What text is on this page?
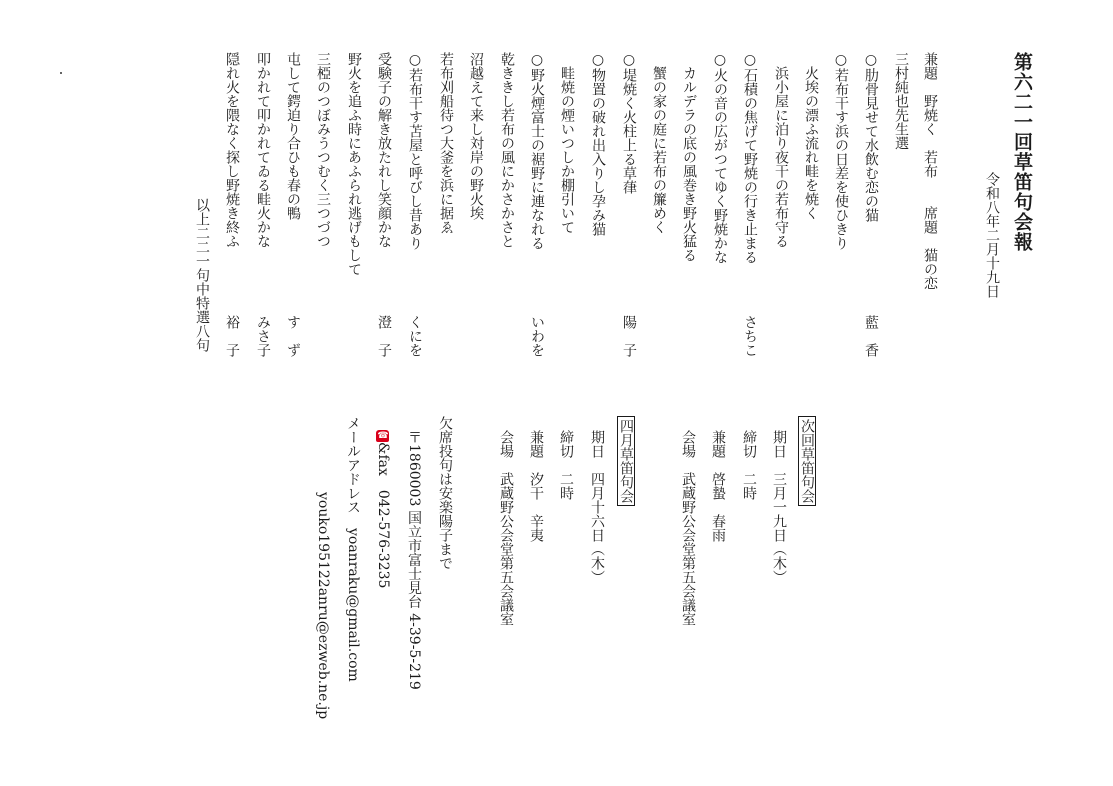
第六二一回草笛句会報
令和八年二月十九日
兼題　野焼く　若布　　席題　猫の恋
三村純也先生選
○肋骨見せて水飲む恋の猫
藍　香
○若布干す浜の日差を使ひきり
火埃の漂ふ流れ畦を焼く
浜小屋に泊り夜干の若布守る
○石積の焦げて野焼の行き止まる
さちこ
○火の音の広がつてゆく野焼かな
カルデラの底の風巻き野火猛る
蟹の家の庭に若布の簾めく
○堤焼く火柱上る草葎
陽　子
○物置の破れ出入りし孕み猫
畦焼の煙いつしか棚引いて
○野火煙富士の裾野に連なれる
いわを
乾ききし若布の風にかさかさと
沼越えて来し対岸の野火埃
若布刈船待つ大釜を浜に据ゑ
○若布干す苫屋と呼びし昔あり
くにを
受験子の解き放たれし笑顔かな
澄　子
野火を追ふ時にあふられ逃げもして
三椏のつぼみうつむく三つづつ
屯して鍔迫り合ひも春の鴨
す　ず
叩かれて叩かれてゐる畦火かな
みさ子
隠れ火を隈なく探し野焼き終ふ
裕　子
以上二二一句中特選八句
次回草笛句会
期日　三月一九日（木）
締切　二時
兼題　啓蟄　春雨
会場　武蔵野公会堂第五会議室
四月草笛句会
期日　四月十六日（木）
締切　二時
兼題　汐干　辛夷
会場　武蔵野公会堂第五会議室
欠席投句は安楽陽子まで
〒1860003 国立市富士見台 4-39-5-219
☎&fax　042-576-3235
メールアドレス　yoanraku@gmail.com
youko195122anru@ezweb.ne.jp
